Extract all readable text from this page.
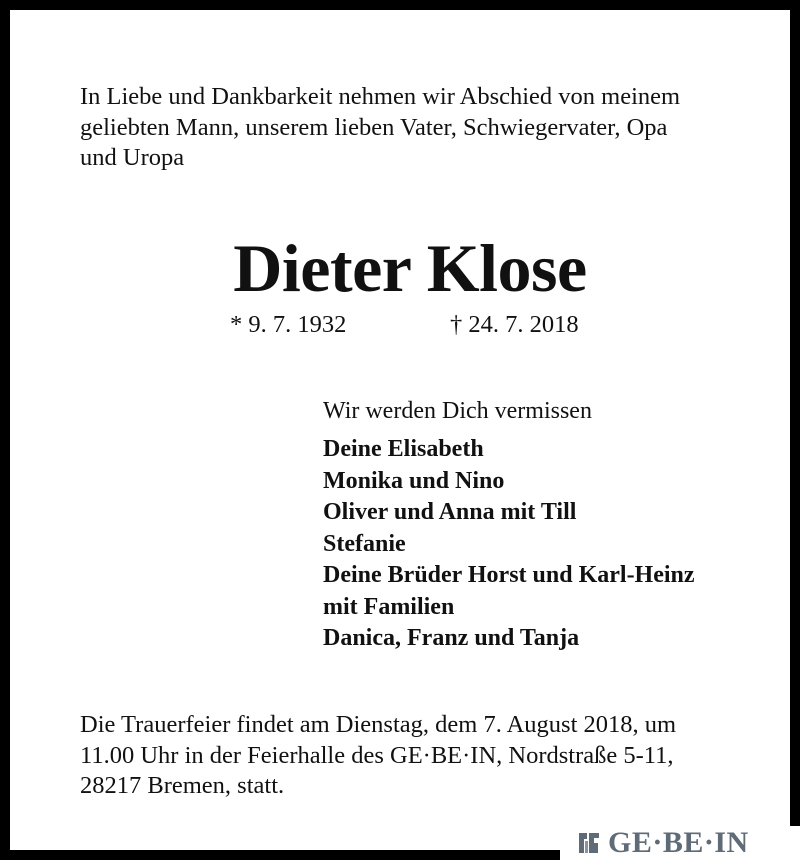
In Liebe und Dankbarkeit nehmen wir Abschied von meinem
geliebten Mann, unserem lieben Vater, Schwiegervater, Opa
und Uropa

Dieter Klose
* 9. 7. 1932	† 24. 7. 2018
Wir werden Dich vermissen
Deine Elisabeth
Monika und Nino
Oliver und Anna mit Till
Stefanie
Deine Brüder Horst und Karl-Heinz
mit Familien
Danica, Franz und Tanja

Die Trauerfeier findet am Dienstag, dem 7. August 2018, um
11.00 Uhr in der Feierhalle des GE·BE·IN, Nordstraße 5-11,
28217 Bremen, statt.

GE·BE·IN
